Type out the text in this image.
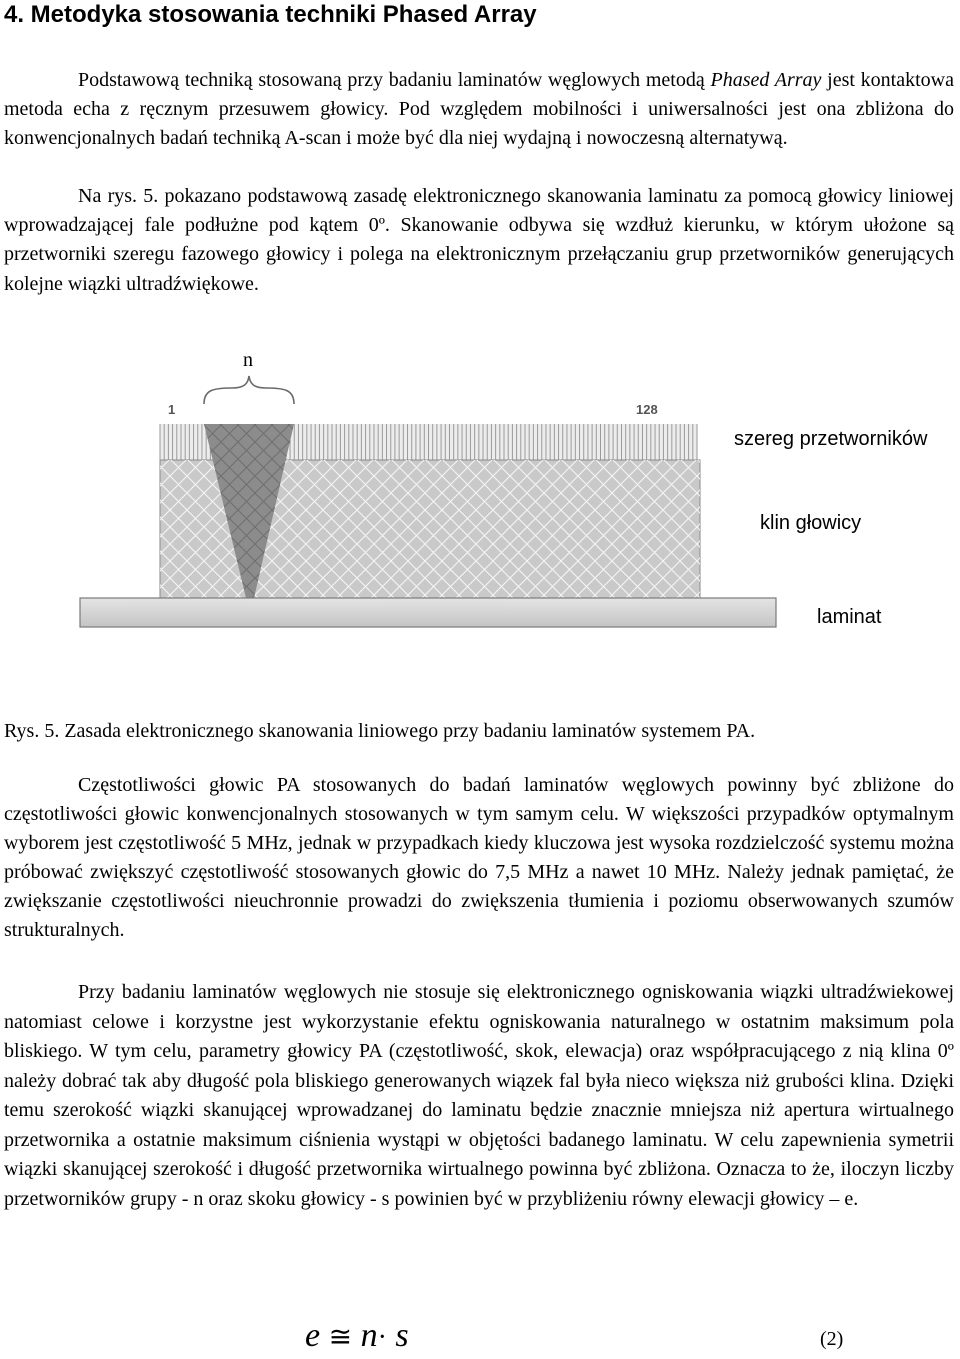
4. Metodyka stosowania techniki Phased Array

Podstawową techniką stosowaną przy badaniu laminatów węglowych metodą Phased Array jest kontaktowa metoda echa z ręcznym przesuwem głowicy. Pod względem mobilności i uniwersalności jest ona zbliżona do konwencjonalnych badań techniką A-scan i może być dla niej wydajną i nowoczesną alternatywą.

Na rys. 5. pokazano podstawową zasadę elektronicznego skanowania laminatu za pomocą głowicy liniowej wprowadzającej fale podłużne pod kątem 0º. Skanowanie odbywa się wzdłuż kierunku, w którym ułożone są przetworniki szeregu fazowego głowicy i polega na elektronicznym przełączaniu grup przetworników generujących kolejne wiązki ultradźwiękowe.

n
1	128
szereg przetworników
klin głowicy
laminat

Rys. 5. Zasada elektronicznego skanowania liniowego przy badaniu laminatów systemem PA.

Częstotliwości głowic PA stosowanych do badań laminatów węglowych powinny być zbliżone do częstotliwości głowic konwencjonalnych stosowanych w tym samym celu. W większości przypadków optymalnym wyborem jest częstotliwość 5 MHz, jednak w przypadkach kiedy kluczowa jest wysoka rozdzielczość systemu można próbować zwiększyć częstotliwość stosowanych głowic do 7,5 MHz a nawet 10 MHz. Należy jednak pamiętać, że zwiększanie częstotliwości nieuchronnie prowadzi do zwiększenia tłumienia i poziomu obserwowanych szumów strukturalnych.

Przy badaniu laminatów węglowych nie stosuje się elektronicznego ogniskowania wiązki ultradźwiekowej natomiast celowe i korzystne jest wykorzystanie efektu ogniskowania naturalnego w ostatnim maksimum pola bliskiego. W tym celu, parametry głowicy PA (częstotliwość, skok, elewacja) oraz współpracującego z nią klina 0º należy dobrać tak aby długość pola bliskiego generowanych wiązek fal była nieco większa niż grubości klina. Dzięki temu szerokość wiązki skanującej wprowadzanej do laminatu będzie znacznie mniejsza niż apertura wirtualnego przetwornika a ostatnie maksimum ciśnienia wystąpi w objętości badanego laminatu. W celu zapewnienia symetrii wiązki skanującej szerokość i długość przetwornika wirtualnego powinna być zbliżona. Oznacza to że, iloczyn liczby przetworników grupy - n oraz skoku głowicy - s powinien być w przybliżeniu równy elewacji głowicy – e.

e ≅ n· s	(2)
